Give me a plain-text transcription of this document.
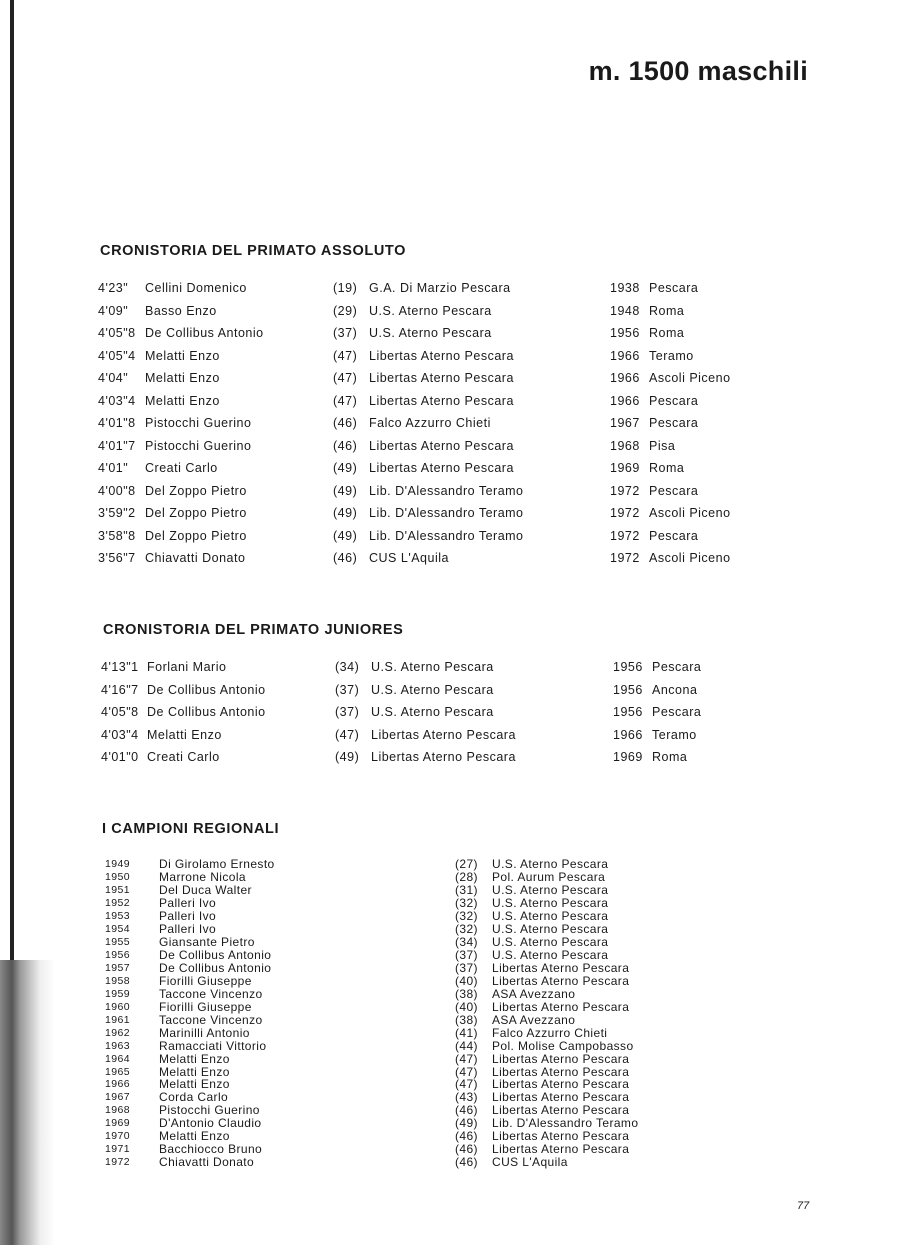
m. 1500 maschili
CRONISTORIA DEL PRIMATO ASSOLUTO
4'23" Cellini Domenico	(19) G.A. Di Marzio Pescara	1938 Pescara
4'09" Basso Enzo	(29) U.S. Aterno Pescara	1948 Roma
4'05"8 De Collibus Antonio	(37) U.S. Aterno Pescara	1956 Roma
4'05"4 Melatti Enzo	(47) Libertas Aterno Pescara	1966 Teramo
4'04" Melatti Enzo	(47) Libertas Aterno Pescara	1966 Ascoli Piceno
4'03"4 Melatti Enzo	(47) Libertas Aterno Pescara	1966 Pescara
4'01"8 Pistocchi Guerino	(46) Falco Azzurro Chieti	1967 Pescara
4'01"7 Pistocchi Guerino	(46) Libertas Aterno Pescara	1968 Pisa
4'01" Creati Carlo	(49) Libertas Aterno Pescara	1969 Roma
4'00"8 Del Zoppo Pietro	(49) Lib. D'Alessandro Teramo	1972 Pescara
3'59"2 Del Zoppo Pietro	(49) Lib. D'Alessandro Teramo	1972 Ascoli Piceno
3'58"8 Del Zoppo Pietro	(49) Lib. D'Alessandro Teramo	1972 Pescara
3'56"7 Chiavatti Donato	(46) CUS L'Aquila	1972 Ascoli Piceno
CRONISTORIA DEL PRIMATO JUNIORES
4'13"1 Forlani Mario	(34) U.S. Aterno Pescara	1956 Pescara
4'16"7 De Collibus Antonio	(37) U.S. Aterno Pescara	1956 Ancona
4'05"8 De Collibus Antonio	(37) U.S. Aterno Pescara	1956 Pescara
4'03"4 Melatti Enzo	(47) Libertas Aterno Pescara	1966 Teramo
4'01"0 Creati Carlo	(49) Libertas Aterno Pescara	1969 Roma
I CAMPIONI REGIONALI
1949 Di Girolamo Ernesto	(27) U.S. Aterno Pescara
1950 Marrone Nicola	(28) Pol. Aurum Pescara
1951 Del Duca Walter	(31) U.S. Aterno Pescara
1952 Palleri Ivo	(32) U.S. Aterno Pescara
1953 Palleri Ivo	(32) U.S. Aterno Pescara
1954 Palleri Ivo	(32) U.S. Aterno Pescara
1955 Giansante Pietro	(34) U.S. Aterno Pescara
1956 De Collibus Antonio	(37) U.S. Aterno Pescara
1957 De Collibus Antonio	(37) Libertas Aterno Pescara
1958 Fiorilli Giuseppe	(40) Libertas Aterno Pescara
1959 Taccone Vincenzo	(38) ASA Avezzano
1960 Fiorilli Giuseppe	(40) Libertas Aterno Pescara
1961 Taccone Vincenzo	(38) ASA Avezzano
1962 Marinilli Antonio	(41) Falco Azzurro Chieti
1963 Ramacciati Vittorio	(44) Pol. Molise Campobasso
1964 Melatti Enzo	(47) Libertas Aterno Pescara
1965 Melatti Enzo	(47) Libertas Aterno Pescara
1966 Melatti Enzo	(47) Libertas Aterno Pescara
1967 Corda Carlo	(43) Libertas Aterno Pescara
1968 Pistocchi Guerino	(46) Libertas Aterno Pescara
1969 D'Antonio Claudio	(49) Lib. D'Alessandro Teramo
1970 Melatti Enzo	(46) Libertas Aterno Pescara
1971 Bacchiocco Bruno	(46) Libertas Aterno Pescara
1972 Chiavatti Donato	(46) CUS L'Aquila
77
